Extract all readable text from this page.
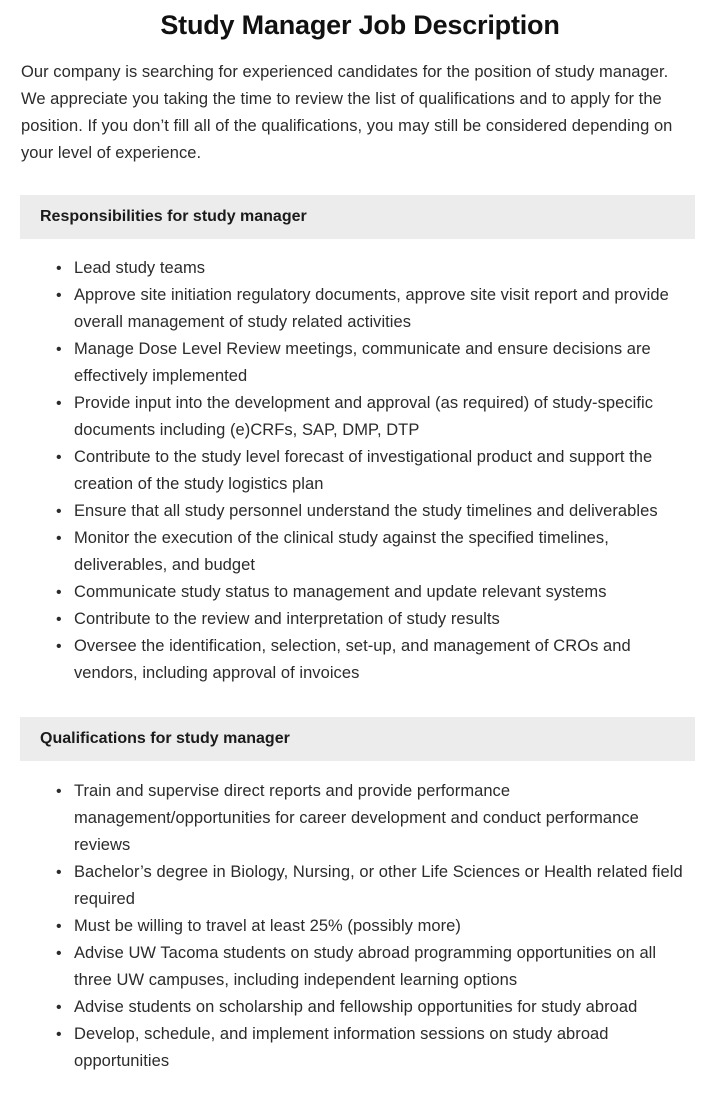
Study Manager Job Description

Our company is searching for experienced candidates for the position of study manager. We appreciate you taking the time to review the list of qualifications and to apply for the position. If you don’t fill all of the qualifications, you may still be considered depending on your level of experience.

Responsibilities for study manager
• Lead study teams
• Approve site initiation regulatory documents, approve site visit report and provide overall management of study related activities
• Manage Dose Level Review meetings, communicate and ensure decisions are effectively implemented
• Provide input into the development and approval (as required) of study-specific documents including (e)CRFs, SAP, DMP, DTP
• Contribute to the study level forecast of investigational product and support the creation of the study logistics plan
• Ensure that all study personnel understand the study timelines and deliverables
• Monitor the execution of the clinical study against the specified timelines, deliverables, and budget
• Communicate study status to management and update relevant systems
• Contribute to the review and interpretation of study results
• Oversee the identification, selection, set-up, and management of CROs and vendors, including approval of invoices
Qualifications for study manager
• Train and supervise direct reports and provide performance management/opportunities for career development and conduct performance reviews
• Bachelor’s degree in Biology, Nursing, or other Life Sciences or Health related field required
• Must be willing to travel at least 25% (possibly more)
• Advise UW Tacoma students on study abroad programming opportunities on all three UW campuses, including independent learning options
• Advise students on scholarship and fellowship opportunities for study abroad
• Develop, schedule, and implement information sessions on study abroad opportunities
